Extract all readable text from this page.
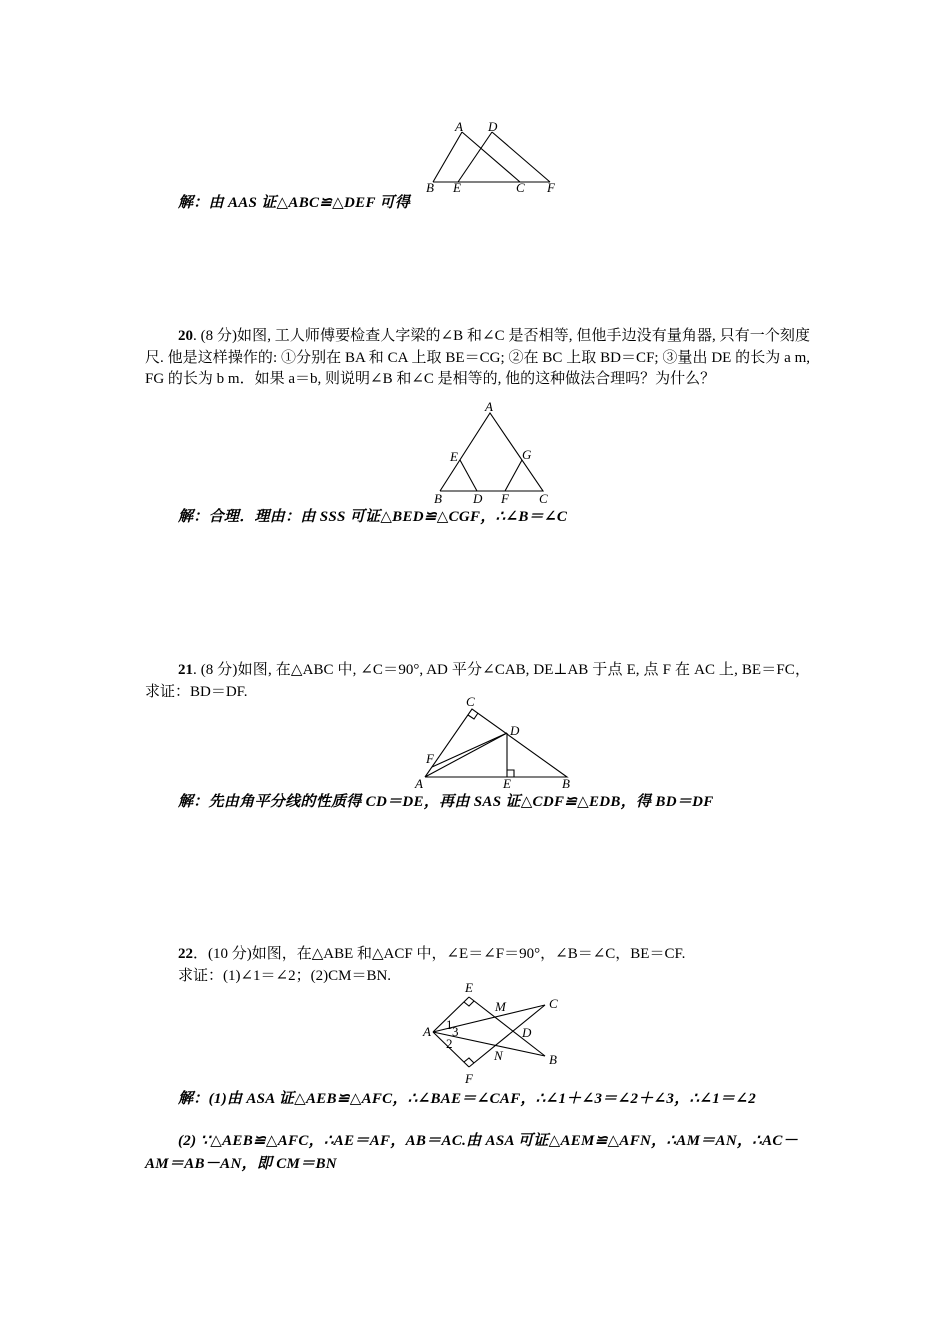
A D
B E	C F
解：由 AAS 证△ABC≌△DEF 可得
20. (8 分)如图, 工人师傅要检查人字梁的∠B 和∠C 是否相等, 但他手边没有量角器, 只有一个刻度尺. 他是这样操作的: ①分别在 BA 和 CA 上取 BE＝CG; ②在 BC 上取 BD＝CF; ③量出 DE 的长为 a m, FG 的长为 b m．如果 a＝b, 则说明∠B 和∠C 是相等的, 他的这种做法合理吗？为什么？
A
E	G
B D F C
解：合理．理由：由 SSS 可证△BED≌△CGF，∴∠B＝∠C
21. (8 分)如图, 在△ABC 中, ∠C＝90°, AD 平分∠CAB, DE⊥AB 于点 E, 点 F 在 AC 上, BE＝FC，求证：BD＝DF.
C
D
F
A	E	B
解：先由角平分线的性质得 CD＝DE，再由 SAS 证△CDF≌△EDB，得 BD＝DF
22．(10 分)如图，在△ABE 和△ACF 中，∠E＝∠F＝90°，∠B＝∠C，BE＝CF.
求证：(1)∠1＝∠2；(2)CM＝BN.
E
M	C
A 1 3
2
D
N	B
F
解：(1)由 ASA 证△AEB≌△AFC，∴∠BAE＝∠CAF，∴∠1＋∠3＝∠2＋∠3，∴∠1＝∠2
(2) ∵△AEB≌△AFC，∴AE＝AF，AB＝AC.由 ASA 可证△AEM≌△AFN，∴AM＝AN，∴AC－AM＝AB－AN，即 CM＝BN
